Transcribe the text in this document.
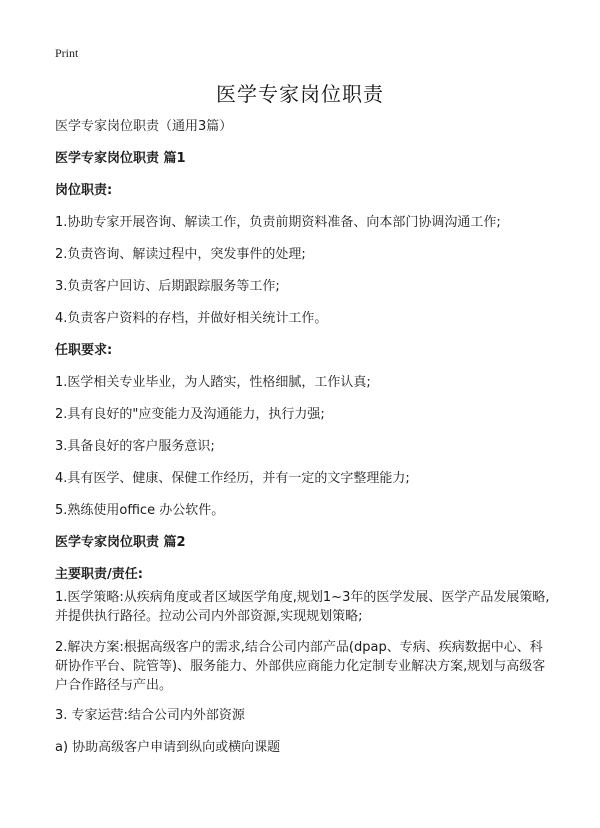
Print
医学专家岗位职责
医学专家岗位职责（通用3篇）
医学专家岗位职责 篇1
岗位职责:
1.协助专家开展咨询、解读工作，负责前期资料准备、向本部门协调沟通工作;
2.负责咨询、解读过程中，突发事件的处理;
3.负责客户回访、后期跟踪服务等工作;
4.负责客户资料的存档，并做好相关统计工作。
任职要求:
1.医学相关专业毕业，为人踏实，性格细腻，工作认真;
2.具有良好的"应变能力及沟通能力，执行力强;
3.具备良好的客户服务意识;
4.具有医学、健康、保健工作经历，并有一定的文字整理能力;
5.熟练使用office 办公软件。
医学专家岗位职责 篇2
主要职责/责任:
1.医学策略:从疾病角度或者区域医学角度,规划1~3年的医学发展、医学产品发展策略,并提供执行路径。拉动公司内外部资源,实现规划策略;
2.解决方案:根据高级客户的需求,结合公司内部产品(dpap、专病、疾病数据中心、科研协作平台、院管等)、服务能力、外部供应商能力化定制专业解决方案,规划与高级客户合作路径与产出。
3. 专家运营:结合公司内外部资源
a) 协助高级客户申请到纵向或横向课题
